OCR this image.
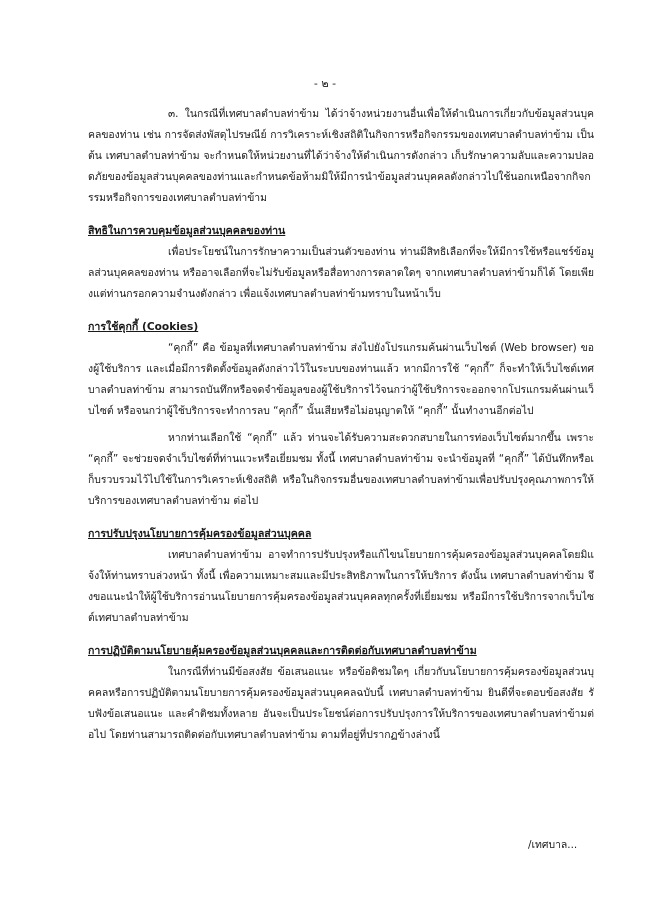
- ๒ -

๓. ในกรณีที่เทศบาลตำบลท่าข้าม ได้ว่าจ้างหน่วยงานอื่นเพื่อให้ดำเนินการเกี่ยวกับข้อมูลส่วนบุคคลของท่าน เช่น การจัดส่งพัสดุไปรษณีย์ การวิเคราะห์เชิงสถิติในกิจการหรือกิจกรรมของเทศบาลตำบลท่าข้าม เป็นต้น เทศบาลตำบลท่าข้าม จะกำหนดให้หน่วยงานที่ได้ว่าจ้างให้ดำเนินการดังกล่าว เก็บรักษาความลับและความปลอดภัยของข้อมูลส่วนบุคคลของท่านและกำหนดข้อห้ามมิให้มีการนำข้อมูลส่วนบุคคลดังกล่าวไปใช้นอกเหนือจากกิจกรรมหรือกิจการของเทศบาลตำบลท่าข้าม

สิทธิในการควบคุมข้อมูลส่วนบุคคลของท่าน

เพื่อประโยชน์ในการรักษาความเป็นส่วนตัวของท่าน ท่านมีสิทธิเลือกที่จะให้มีการใช้หรือแชร์ข้อมูลส่วนบุคคลของท่าน หรืออาจเลือกที่จะไม่รับข้อมูลหรือสื่อทางการตลาดใดๆ จากเทศบาลตำบลท่าข้ามก็ได้ โดยเพียงแต่ท่านกรอกความจำนงดังกล่าว เพื่อแจ้งเทศบาลตำบลท่าข้ามทราบในหน้าเว็บ

การใช้คุกกี้ (Cookies)

“คุกกี้” คือ ข้อมูลที่เทศบาลตำบลท่าข้าม ส่งไปยังโปรแกรมค้นผ่านเว็บไซต์ (Web browser) ของผู้ใช้บริการ และเมื่อมีการติดตั้งข้อมูลดังกล่าวไว้ในระบบของท่านแล้ว หากมีการใช้ “คุกกี้” ก็จะทำให้เว็บไซต์เทศบาลตำบลท่าข้าม สามารถบันทึกหรือจดจำข้อมูลของผู้ใช้บริการไว้จนกว่าผู้ใช้บริการจะออกจากโปรแกรมค้นผ่านเว็บไซต์ หรือจนกว่าผู้ใช้บริการจะทำการลบ “คุกกี้” นั้นเสียหรือไม่อนุญาตให้ “คุกกี้” นั้นทำงานอีกต่อไป

หากท่านเลือกใช้ “คุกกี้” แล้ว ท่านจะได้รับความสะดวกสบายในการท่องเว็บไซต์มากขึ้น เพราะ “คุกกี้” จะช่วยจดจำเว็บไซต์ที่ท่านแวะหรือเยี่ยมชม ทั้งนี้ เทศบาลตำบลท่าข้าม จะนำข้อมูลที่ “คุกกี้” ได้บันทึกหรือเก็บรวบรวมไว้ไปใช้ในการวิเคราะห์เชิงสถิติ หรือในกิจกรรมอื่นของเทศบาลตำบลท่าข้ามเพื่อปรับปรุงคุณภาพการให้บริการของเทศบาลตำบลท่าข้าม ต่อไป

การปรับปรุงนโยบายการคุ้มครองข้อมูลส่วนบุคคล

เทศบาลตำบลท่าข้าม อาจทำการปรับปรุงหรือแก้ไขนโยบายการคุ้มครองข้อมูลส่วนบุคคลโดยมิแจ้งให้ท่านทราบล่วงหน้า ทั้งนี้ เพื่อความเหมาะสมและมีประสิทธิภาพในการให้บริการ ดังนั้น เทศบาลตำบลท่าข้าม จึงขอแนะนำให้ผู้ใช้บริการอ่านนโยบายการคุ้มครองข้อมูลส่วนบุคคลทุกครั้งที่เยี่ยมชม หรือมีการใช้บริการจากเว็บไซต์เทศบาลตำบลท่าข้าม

การปฏิบัติตามนโยบายคุ้มครองข้อมูลส่วนบุคคลและการติดต่อกับเทศบาลตำบลท่าข้าม

ในกรณีที่ท่านมีข้อสงสัย ข้อเสนอแนะ หรือข้อติชมใดๆ เกี่ยวกับนโยบายการคุ้มครองข้อมูลส่วนบุคคลหรือการปฏิบัติตามนโยบายการคุ้มครองข้อมูลส่วนบุคคลฉบับนี้ เทศบาลตำบลท่าข้าม ยินดีที่จะตอบข้อสงสัย รับฟังข้อเสนอแนะ และคำติชมทั้งหลาย อันจะเป็นประโยชน์ต่อการปรับปรุงการให้บริการของเทศบาลตำบลท่าข้ามต่อไป โดยท่านสามารถติดต่อกับเทศบาลตำบลท่าข้าม ตามที่อยู่ที่ปรากฏข้างล่างนี้

/เทศบาล...
